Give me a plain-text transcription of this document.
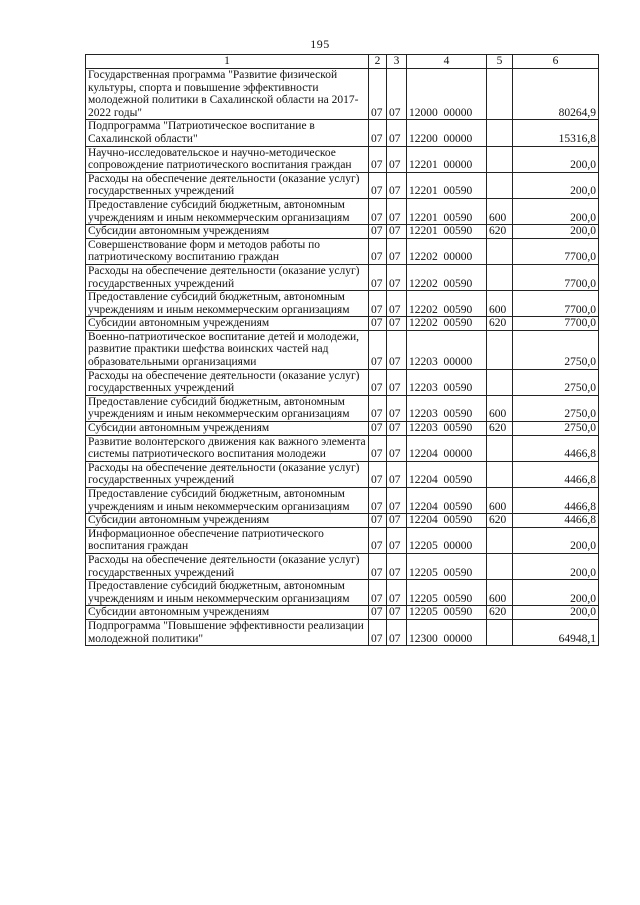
195
1	2	3	4	5	6
Государственная программа "Развитие физической культуры, спорта и повышение эффективности молодежной политики в Сахалинской области на 2017-2022 годы"	07	07	12000  00000		80264,9
Подпрограмма "Патриотическое воспитание в Сахалинской области"	07	07	12200  00000		15316,8
Научно-исследовательское и научно-методическое сопровождение патриотического воспитания граждан	07	07	12201  00000		200,0
Расходы на обеспечение деятельности (оказание услуг) государственных учреждений	07	07	12201  00590		200,0
Предоставление субсидий бюджетным, автономным учреждениям и иным некоммерческим организациям	07	07	12201  00590	600	200,0
Субсидии автономным учреждениям	07	07	12201  00590	620	200,0
Совершенствование форм и методов работы по патриотическому воспитанию граждан	07	07	12202  00000		7700,0
Расходы на обеспечение деятельности (оказание услуг) государственных учреждений	07	07	12202  00590		7700,0
Предоставление субсидий бюджетным, автономным учреждениям и иным некоммерческим организациям	07	07	12202  00590	600	7700,0
Субсидии автономным учреждениям	07	07	12202  00590	620	7700,0
Военно-патриотическое воспитание детей и молодежи, развитие практики шефства воинских частей над образовательными организациями	07	07	12203  00000		2750,0
Расходы на обеспечение деятельности (оказание услуг) государственных учреждений	07	07	12203  00590		2750,0
Предоставление субсидий бюджетным, автономным учреждениям и иным некоммерческим организациям	07	07	12203  00590	600	2750,0
Субсидии автономным учреждениям	07	07	12203  00590	620	2750,0
Развитие волонтерского движения как важного элемента системы патриотического воспитания молодежи	07	07	12204  00000		4466,8
Расходы на обеспечение деятельности (оказание услуг) государственных учреждений	07	07	12204  00590		4466,8
Предоставление субсидий бюджетным, автономным учреждениям и иным некоммерческим организациям	07	07	12204  00590	600	4466,8
Субсидии автономным учреждениям	07	07	12204  00590	620	4466,8
Информационное обеспечение патриотического воспитания граждан	07	07	12205  00000		200,0
Расходы на обеспечение деятельности (оказание услуг) государственных учреждений	07	07	12205  00590		200,0
Предоставление субсидий бюджетным, автономным учреждениям и иным некоммерческим организациям	07	07	12205  00590	600	200,0
Субсидии автономным учреждениям	07	07	12205  00590	620	200,0
Подпрограмма "Повышение эффективности реализации молодежной политики"	07	07	12300  00000		64948,1
